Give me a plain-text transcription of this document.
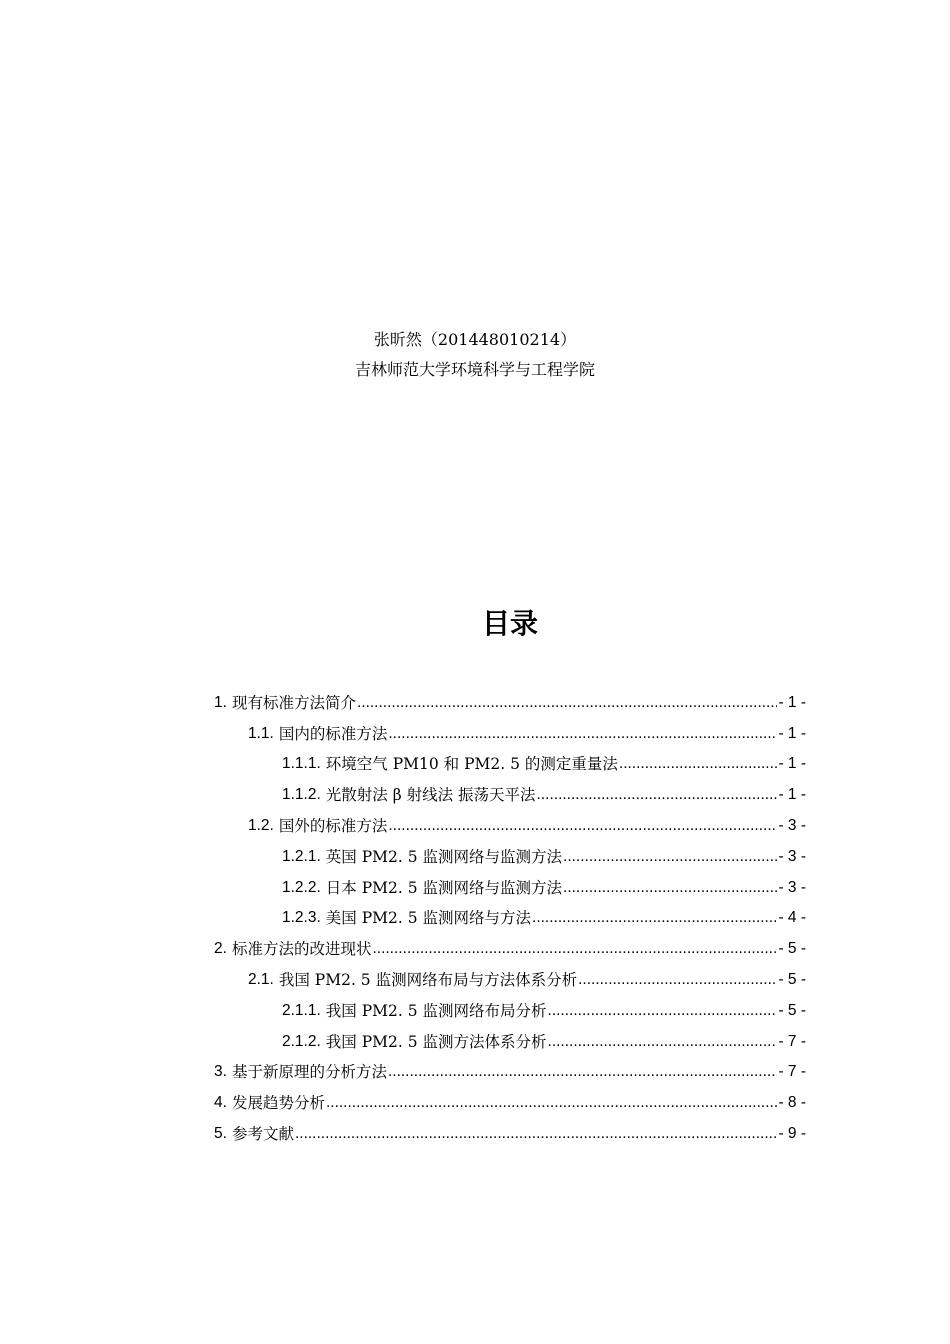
张昕然（201448010214）
吉林师范大学环境科学与工程学院
目录
1. 现有标准方法简介 .....	- 1 -
1.1. 国内的标准方法 .....	- 1 -
1.1.1. 环境空气 PM10 和 PM2. 5 的测定重量法 .....	- 1 -
1.1.2. 光散射法 β 射线法 振荡天平法 .....	- 1 -
1.2. 国外的标准方法 .....	- 3 -
1.2.1. 英国 PM2. 5 监测网络与监测方法 .....	- 3 -
1.2.2. 日本 PM2. 5 监测网络与监测方法 .....	- 3 -
1.2.3. 美国 PM2. 5 监测网络与方法 .....	- 4 -
2. 标准方法的改进现状 .....	- 5 -
2.1. 我国 PM2. 5 监测网络布局与方法体系分析 .....	- 5 -
2.1.1. 我国 PM2. 5 监测网络布局分析 .....	- 5 -
2.1.2. 我国 PM2. 5 监测方法体系分析 .....	- 7 -
3. 基于新原理的分析方法 .....	- 7 -
4. 发展趋势分析 .....	- 8 -
5. 参考文献 .....	- 9 -
